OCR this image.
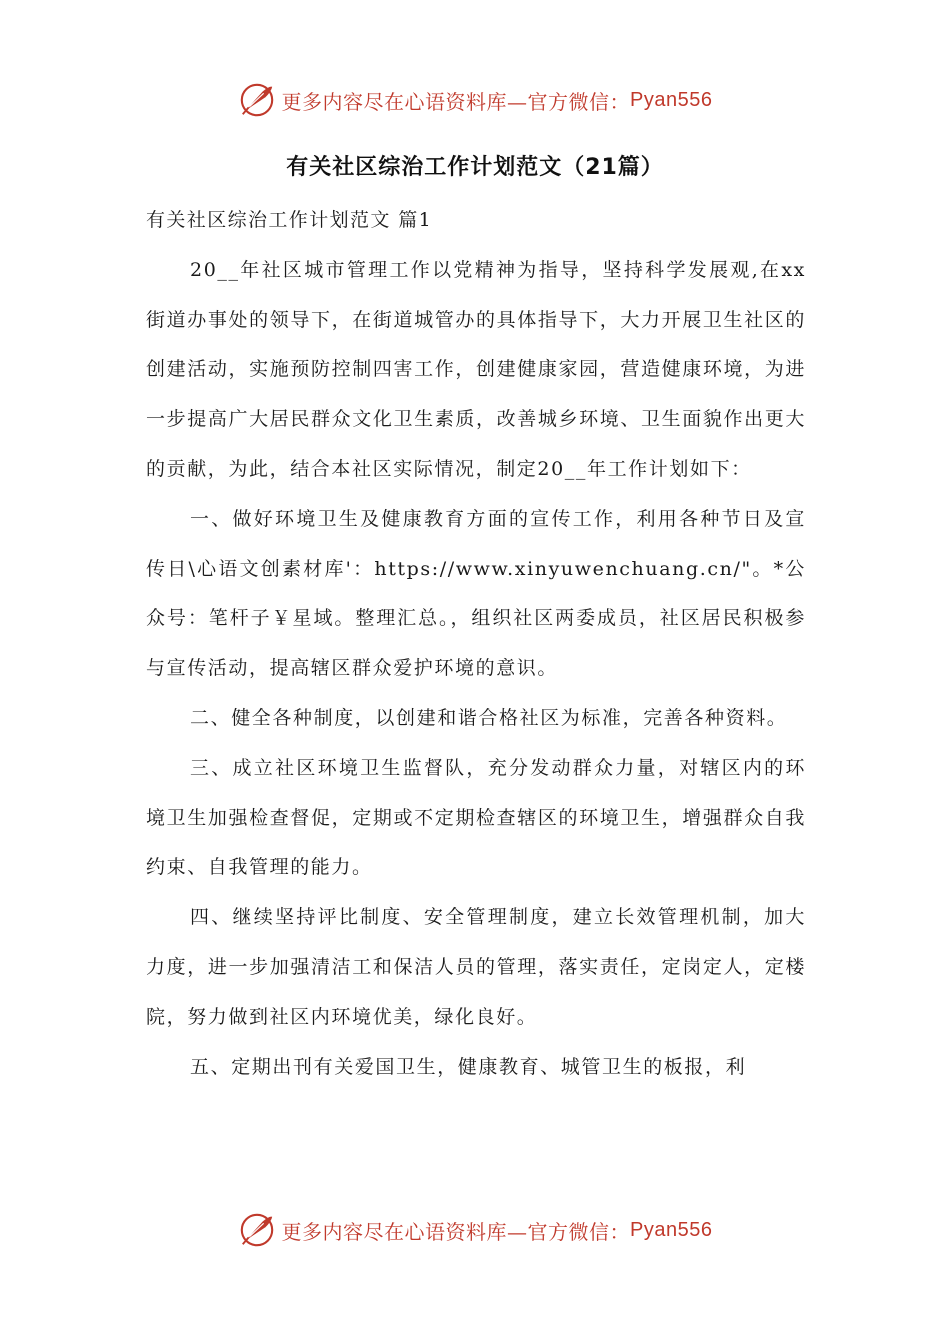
更多内容尽在心语资料库—官方微信： Pyan556
有关社区综治工作计划范文（21篇）

有关社区综治工作计划范文 篇1

20__年社区城市管理工作以党精神为指导，坚持科学发展观,在xx街道办事处的领导下，在街道城管办的具体指导下，大力开展卫生社区的创建活动，实施预防控制四害工作，创建健康家园，营造健康环境，为进一步提高广大居民群众文化卫生素质，改善城乡环境、卫生面貌作出更大的贡献，为此，结合本社区实际情况，制定20__年工作计划如下：

一、做好环境卫生及健康教育方面的宣传工作，利用各种节日及宣传日\心语文创素材库'：https://www.xinyuwenchuang.cn/"。*公众号：笔杆子￥星域。整理汇总。，组织社区两委成员，社区居民积极参与宣传活动，提高辖区群众爱护环境的意识。

二、健全各种制度，以创建和谐合格社区为标准，完善各种资料。

三、成立社区环境卫生监督队，充分发动群众力量，对辖区内的环境卫生加强检查督促，定期或不定期检查辖区的环境卫生，增强群众自我约束、自我管理的能力。

四、继续坚持评比制度、安全管理制度，建立长效管理机制，加大力度，进一步加强清洁工和保洁人员的管理，落实责任，定岗定人，定楼院，努力做到社区内环境优美，绿化良好。

五、定期出刊有关爱国卫生，健康教育、城管卫生的板报，利

更多内容尽在心语资料库—官方微信： Pyan556
